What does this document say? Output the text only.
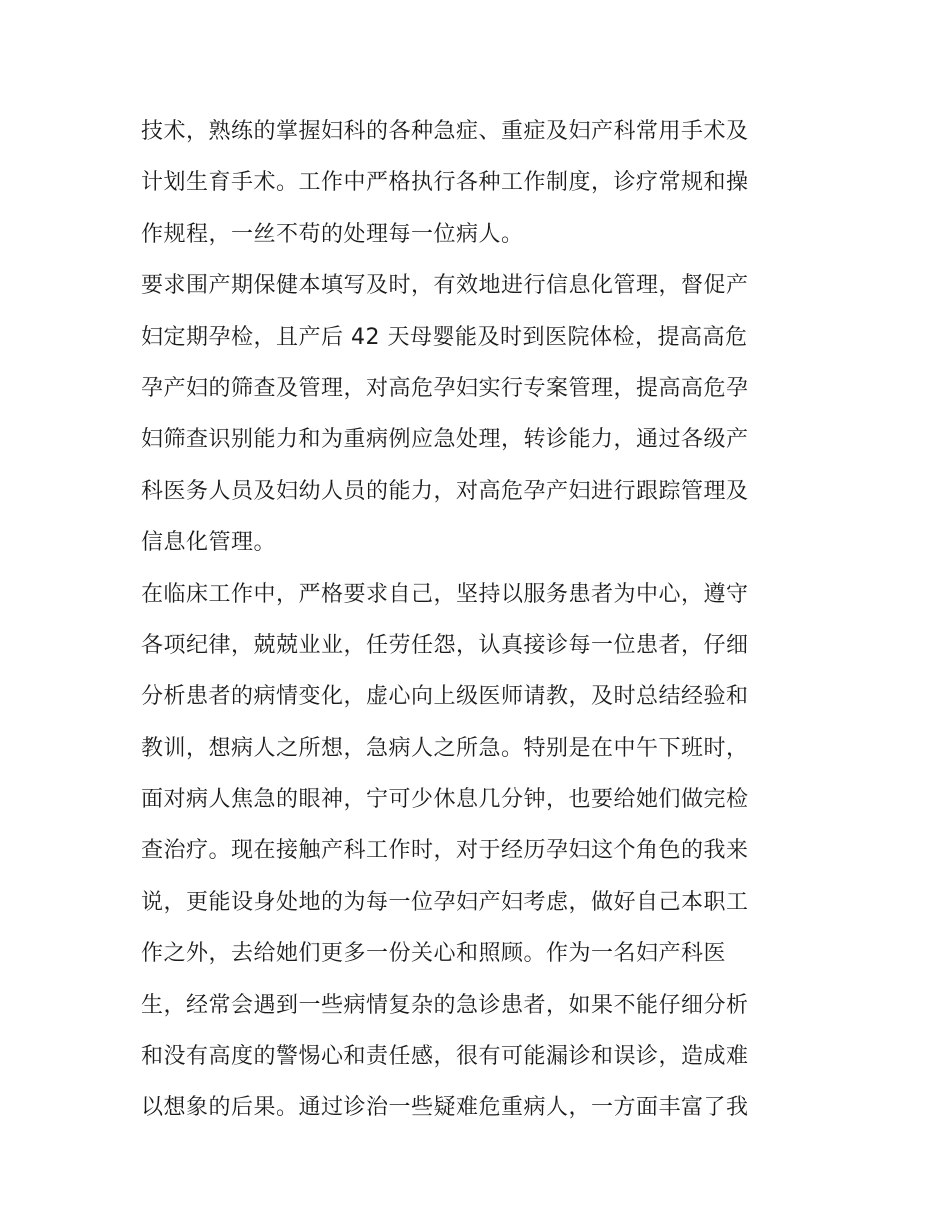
技术，熟练的掌握妇科的各种急症、重症及妇产科常用手术及
计划生育手术。工作中严格执行各种工作制度，诊疗常规和操
作规程，一丝不苟的处理每一位病人。
要求围产期保健本填写及时，有效地进行信息化管理，督促产
妇定期孕检，且产后 42 天母婴能及时到医院体检，提高高危
孕产妇的筛查及管理，对高危孕妇实行专案管理，提高高危孕
妇筛查识别能力和为重病例应急处理，转诊能力，通过各级产
科医务人员及妇幼人员的能力，对高危孕产妇进行跟踪管理及
信息化管理。
在临床工作中，严格要求自己，坚持以服务患者为中心，遵守
各项纪律，兢兢业业，任劳任怨，认真接诊每一位患者，仔细
分析患者的病情变化，虚心向上级医师请教，及时总结经验和
教训，想病人之所想，急病人之所急。特别是在中午下班时，
面对病人焦急的眼神，宁可少休息几分钟，也要给她们做完检
查治疗。现在接触产科工作时，对于经历孕妇这个角色的我来
说，更能设身处地的为每一位孕妇产妇考虑，做好自己本职工
作之外，去给她们更多一份关心和照顾。作为一名妇产科医
生，经常会遇到一些病情复杂的急诊患者，如果不能仔细分析
和没有高度的警惕心和责任感，很有可能漏诊和误诊，造成难
以想象的后果。通过诊治一些疑难危重病人，一方面丰富了我
